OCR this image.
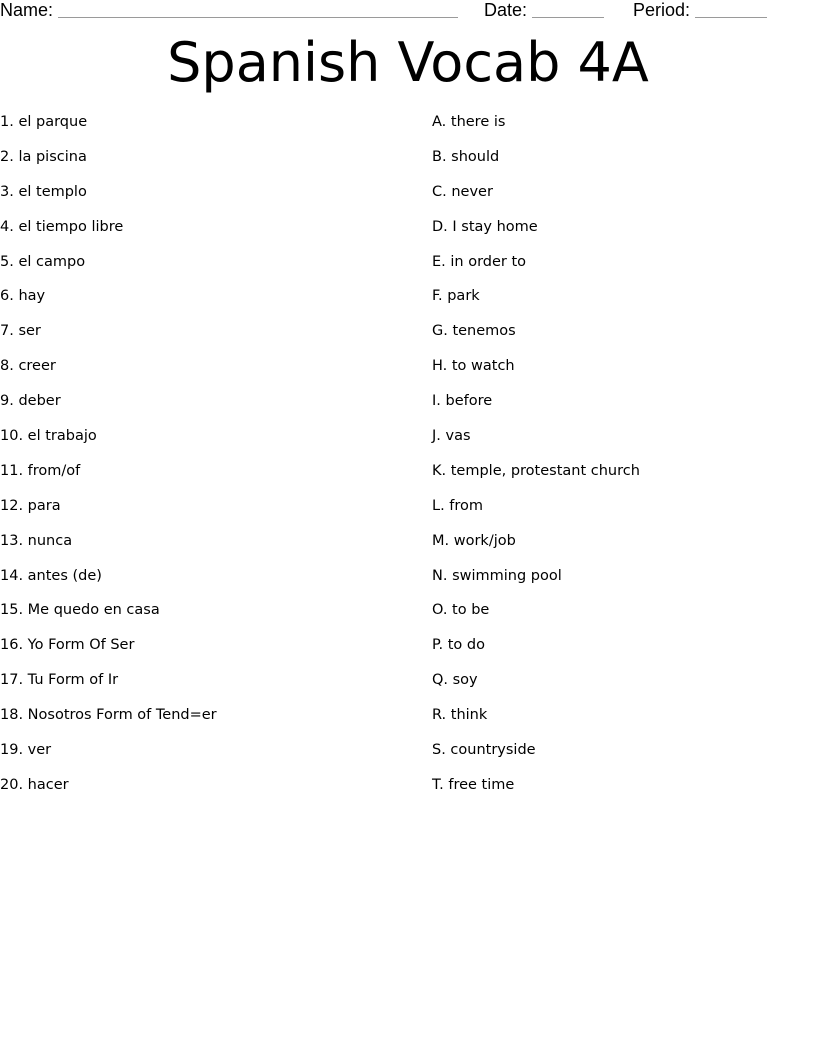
Name:	Date:	Period:
Spanish Vocab 4A
1. el parque
2. la piscina
3. el templo
4. el tiempo libre
5. el campo
6. hay
7. ser
8. creer
9. deber
10. el trabajo
11. from/of
12. para
13. nunca
14. antes (de)
15. Me quedo en casa
16. Yo Form Of Ser
17. Tu Form of Ir
18. Nosotros Form of Tend=er
19. ver
20. hacer
A. there is
B. should
C. never
D. I stay home
E. in order to
F. park
G. tenemos
H. to watch
I. before
J. vas
K. temple, protestant church
L. from
M. work/job
N. swimming pool
O. to be
P. to do
Q. soy
R. think
S. countryside
T. free time
